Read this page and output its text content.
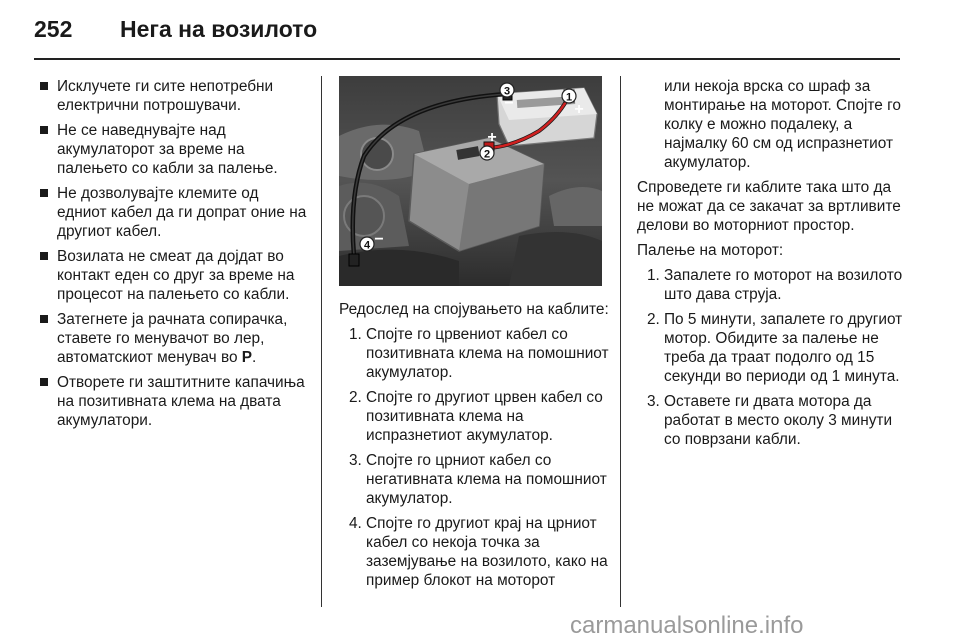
252 Нега на возилото
Исклучете ги сите непотребни електрични потрошувачи.
Не се наведнувајте над акумулаторот за време на палењето со кабли за палење.
Не дозволувајте клемите од едниот кабел да ги допрат оние на другиот кабел.
Возилата не смеат да дојдат во контакт еден со друг за време на процесот на палењето со кабли.
Затегнете ја рачната сопирачка, ставете го менувачот во лер, автоматскиот менувач во P.
Отворете ги заштитните капачиња на позитивната клема на двата акумулатори.
3
−	1
+
2
+
4 −

Редослед на спојувањето на каблите:

1. Спојте го црвениот кабел со позитивната клема на помошниот акумулатор.
2. Спојте го другиот црвен кабел со позитивната клема на испразнетиот акумулатор.
3. Спојте го црниот кабел со негативната клема на помошниот акумулатор.
4. Спојте го другиот крај на црниот кабел со некоја точка за заземјување на возилото, како на пример блокот на моторот

или некоја врска со шраф за монтирање на моторот. Спојте го колку е можно подалеку, а најмалку 60 см од испразнетиот акумулатор.

Спроведете ги каблите така што да не можат да се закачат за вртливите делови во моторниот простор.

Палење на моторот:

1. Запалете го моторот на возилото што дава струја.
2. По 5 минути, запалете го другиот мотор. Обидите за палење не треба да траат подолго од 15 секунди во периоди од 1 минута.
3. Оставете ги двата мотора да работат в место околу 3 минути со поврзани кабли.
carmanualsonline.info
